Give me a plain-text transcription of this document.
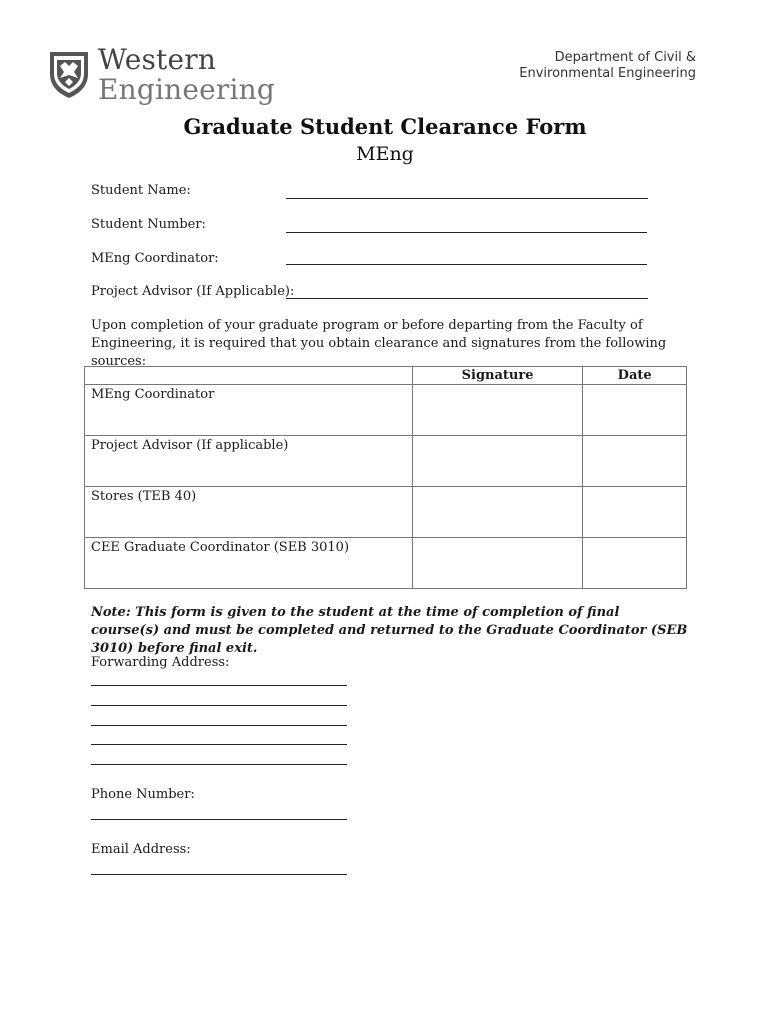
Western
Engineering
Department of Civil &
Environmental Engineering
Graduate Student Clearance Form
MEng
Student Name:
Student Number:
MEng Coordinator:
Project Advisor (If Applicable):
Upon completion of your graduate program or before departing from the Faculty of Engineering, it is required that you obtain clearance and signatures from the following sources:
	Signature	Date
MEng Coordinator		
Project Advisor (If applicable)		
Stores (TEB 40)		
CEE Graduate Coordinator (SEB 3010)		
Note: This form is given to the student at the time of completion of final course(s) and must be completed and returned to the Graduate Coordinator (SEB 3010) before final exit.
Forwarding Address:
Phone Number:
Email Address:
